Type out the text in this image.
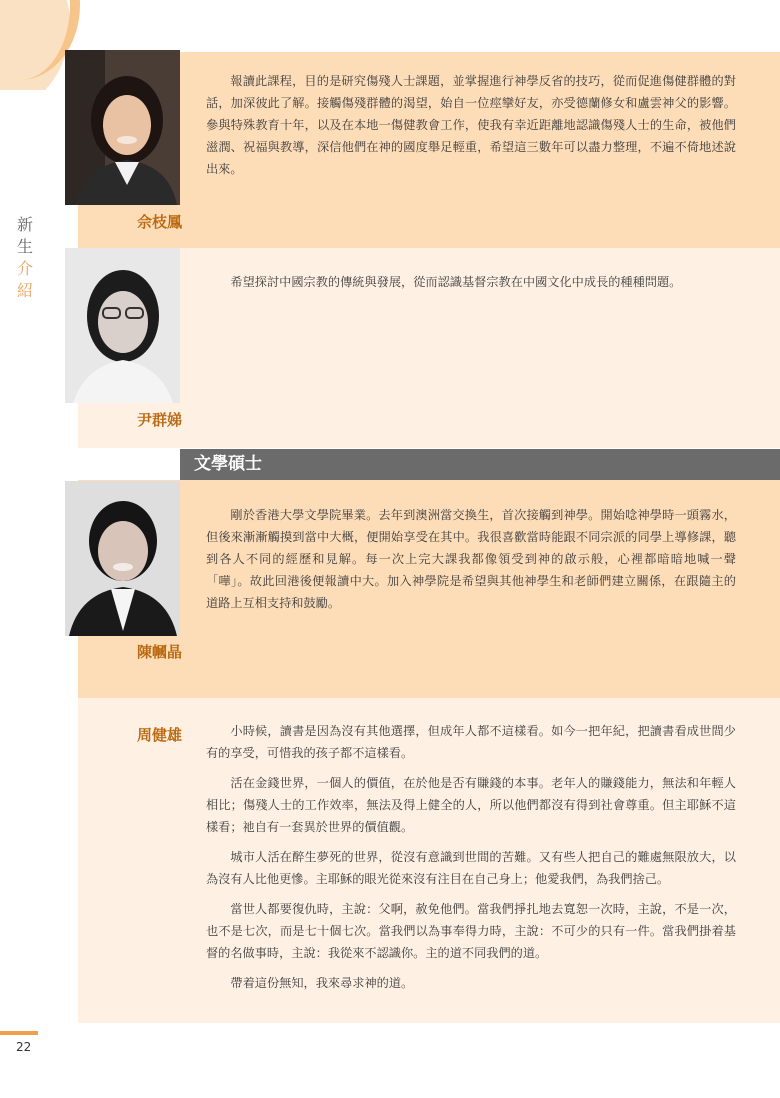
新
生
介
紹
佘枝鳳
尹群娣
陳幗晶
周健雄
文學碩士

報讀此課程，目的是研究傷殘人士課題，並掌握進行神學反省的技巧，從而促進傷健群體的對話，加深彼此了解。接觸傷殘群體的渴望，始自一位痙攣好友，亦受德蘭修女和盧雲神父的影響。參與特殊教育十年，以及在本地一傷健教會工作，使我有幸近距離地認識傷殘人士的生命，被他們滋潤、祝福與教導，深信他們在神的國度舉足輕重，希望這三數年可以盡力整理，不遍不倚地述說出來。

希望探討中國宗教的傳統與發展，從而認識基督宗教在中國文化中成長的種種問題。

剛於香港大學文學院畢業。去年到澳洲當交換生，首次接觸到神學。開始唸神學時一頭霧水，但後來漸漸觸摸到當中大概，便開始享受在其中。我很喜歡當時能跟不同宗派的同學上導修課，聽到各人不同的經歷和見解。每一次上完大課我都像領受到神的啟示般，心裡都暗暗地喊一聲「嘩」。故此回港後便報讀中大。加入神學院是希望與其他神學生和老師們建立關係，在跟隨主的道路上互相支持和鼓勵。

小時候，讀書是因為沒有其他選擇，但成年人都不這樣看。如今一把年紀，把讀書看成世間少有的享受，可惜我的孩子都不這樣看。

活在金錢世界，一個人的價值，在於他是否有賺錢的本事。老年人的賺錢能力，無法和年輕人相比；傷殘人士的工作效率，無法及得上健全的人，所以他們都沒有得到社會尊重。但主耶穌不這樣看；祂自有一套異於世界的價值觀。

城市人活在醉生夢死的世界，從沒有意識到世間的苦難。又有些人把自己的難處無限放大，以為沒有人比他更慘。主耶穌的眼光從來沒有注目在自己身上；他愛我們，為我們捨己。

當世人都要復仇時，主說：父啊，赦免他們。當我們掙扎地去寬恕一次時，主說，不是一次，也不是七次，而是七十個七次。當我們以為事奉得力時，主說：不可少的只有一件。當我們掛着基督的名做事時，主說：我從來不認識你。主的道不同我們的道。

帶着這份無知，我來尋求神的道。

22
